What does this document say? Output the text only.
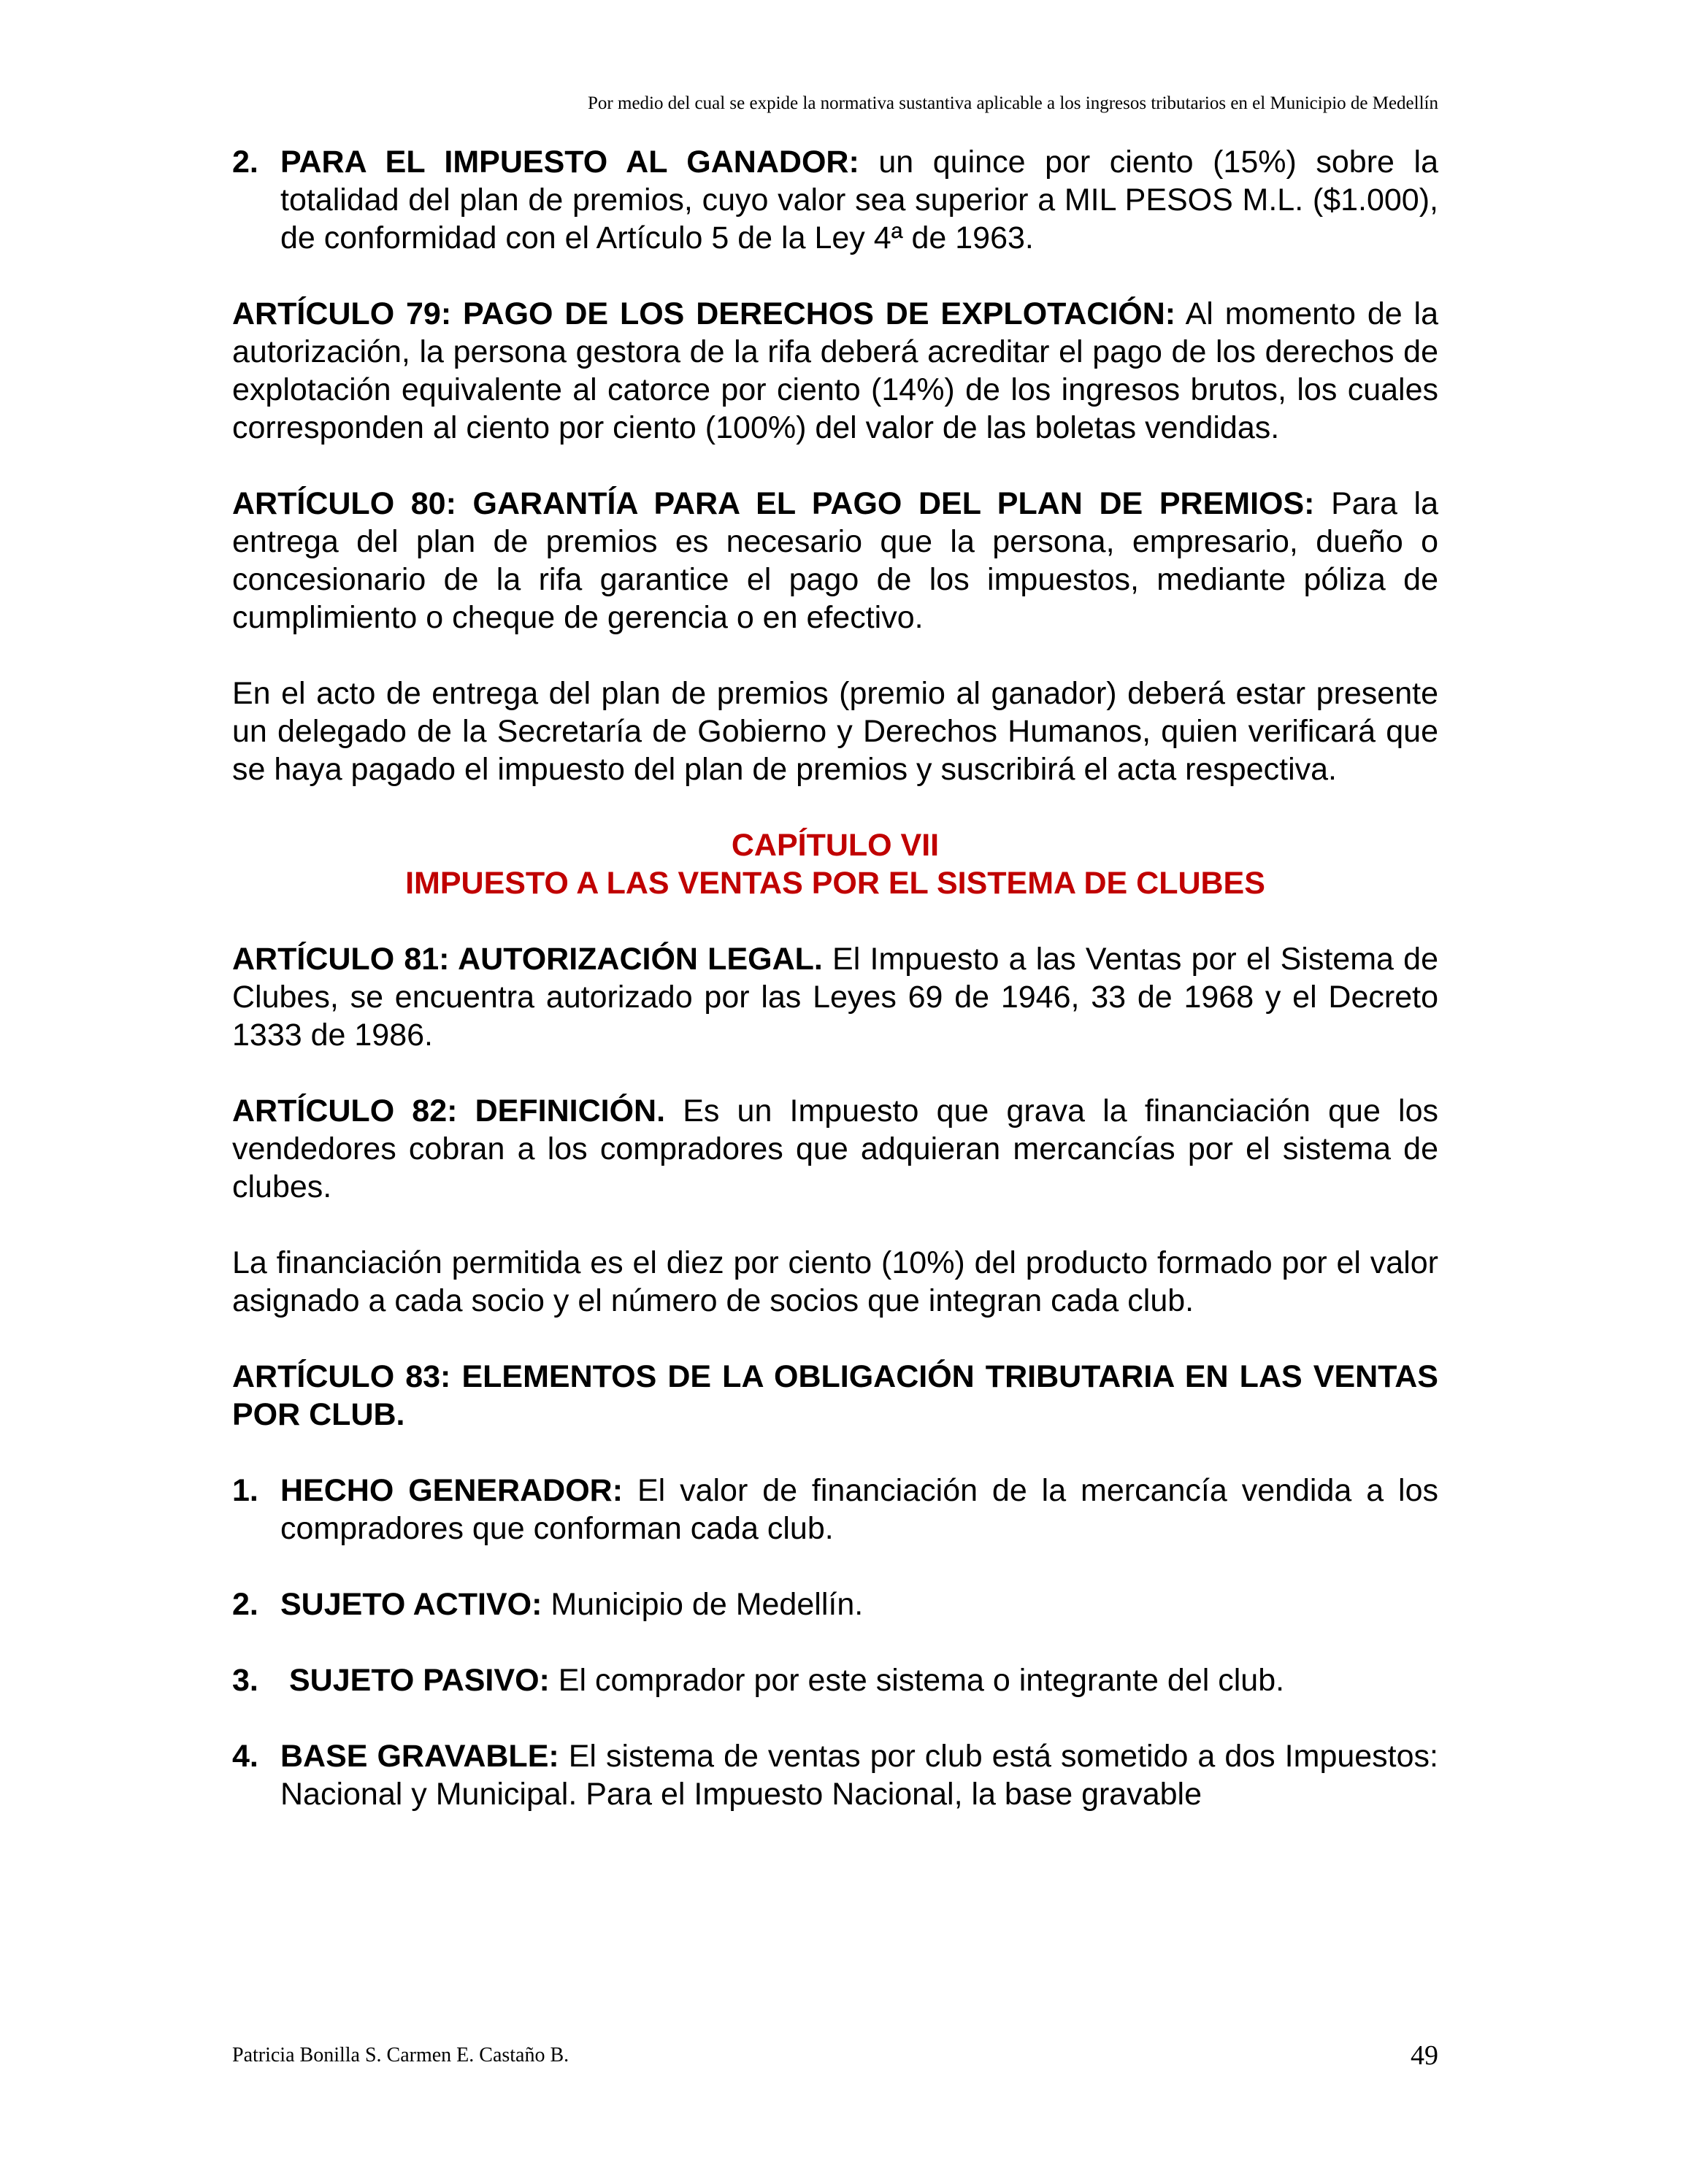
Por medio del cual se expide la normativa sustantiva aplicable a los ingresos tributarios en el Municipio de Medellín
2. PARA EL IMPUESTO AL GANADOR: un quince por ciento (15%) sobre la totalidad del plan de premios, cuyo valor sea superior a MIL PESOS M.L. ($1.000), de conformidad con el Artículo 5 de la Ley 4ª de 1963.

ARTÍCULO 79: PAGO DE LOS DERECHOS DE EXPLOTACIÓN: Al momento de la autorización, la persona gestora de la rifa deberá acreditar el pago de los derechos de explotación equivalente al catorce por ciento (14%) de los ingresos brutos, los cuales corresponden al ciento por ciento (100%) del valor de las boletas vendidas.

ARTÍCULO 80: GARANTÍA PARA EL PAGO DEL PLAN DE PREMIOS: Para la entrega del plan de premios es necesario que la persona, empresario, dueño o concesionario de la rifa garantice el pago de los impuestos, mediante póliza de cumplimiento o cheque de gerencia o en efectivo.

En el acto de entrega del plan de premios (premio al ganador) deberá estar presente un delegado de la Secretaría de Gobierno y Derechos Humanos, quien verificará que se haya pagado el impuesto del plan de premios y suscribirá el acta respectiva.

CAPÍTULO VII
IMPUESTO A LAS VENTAS POR EL SISTEMA DE CLUBES

ARTÍCULO 81: AUTORIZACIÓN LEGAL. El Impuesto a las Ventas por el Sistema de Clubes, se encuentra autorizado por las Leyes 69 de 1946, 33 de 1968 y el Decreto 1333 de 1986.

ARTÍCULO 82: DEFINICIÓN. Es un Impuesto que grava la financiación que los vendedores cobran a los compradores que adquieran mercancías por el sistema de clubes.

La financiación permitida es el diez por ciento (10%) del producto formado por el valor asignado a cada socio y el número de socios que integran cada club.

ARTÍCULO 83: ELEMENTOS DE LA OBLIGACIÓN TRIBUTARIA EN LAS VENTAS POR CLUB.

1. HECHO GENERADOR: El valor de financiación de la mercancía vendida a los compradores que conforman cada club.
2. SUJETO ACTIVO: Municipio de Medellín.
3. SUJETO PASIVO: El comprador por este sistema o integrante del club.
4. BASE GRAVABLE: El sistema de ventas por club está sometido a dos Impuestos: Nacional y Municipal. Para el Impuesto Nacional, la base gravable
Patricia Bonilla S. Carmen E. Castaño B.	49
